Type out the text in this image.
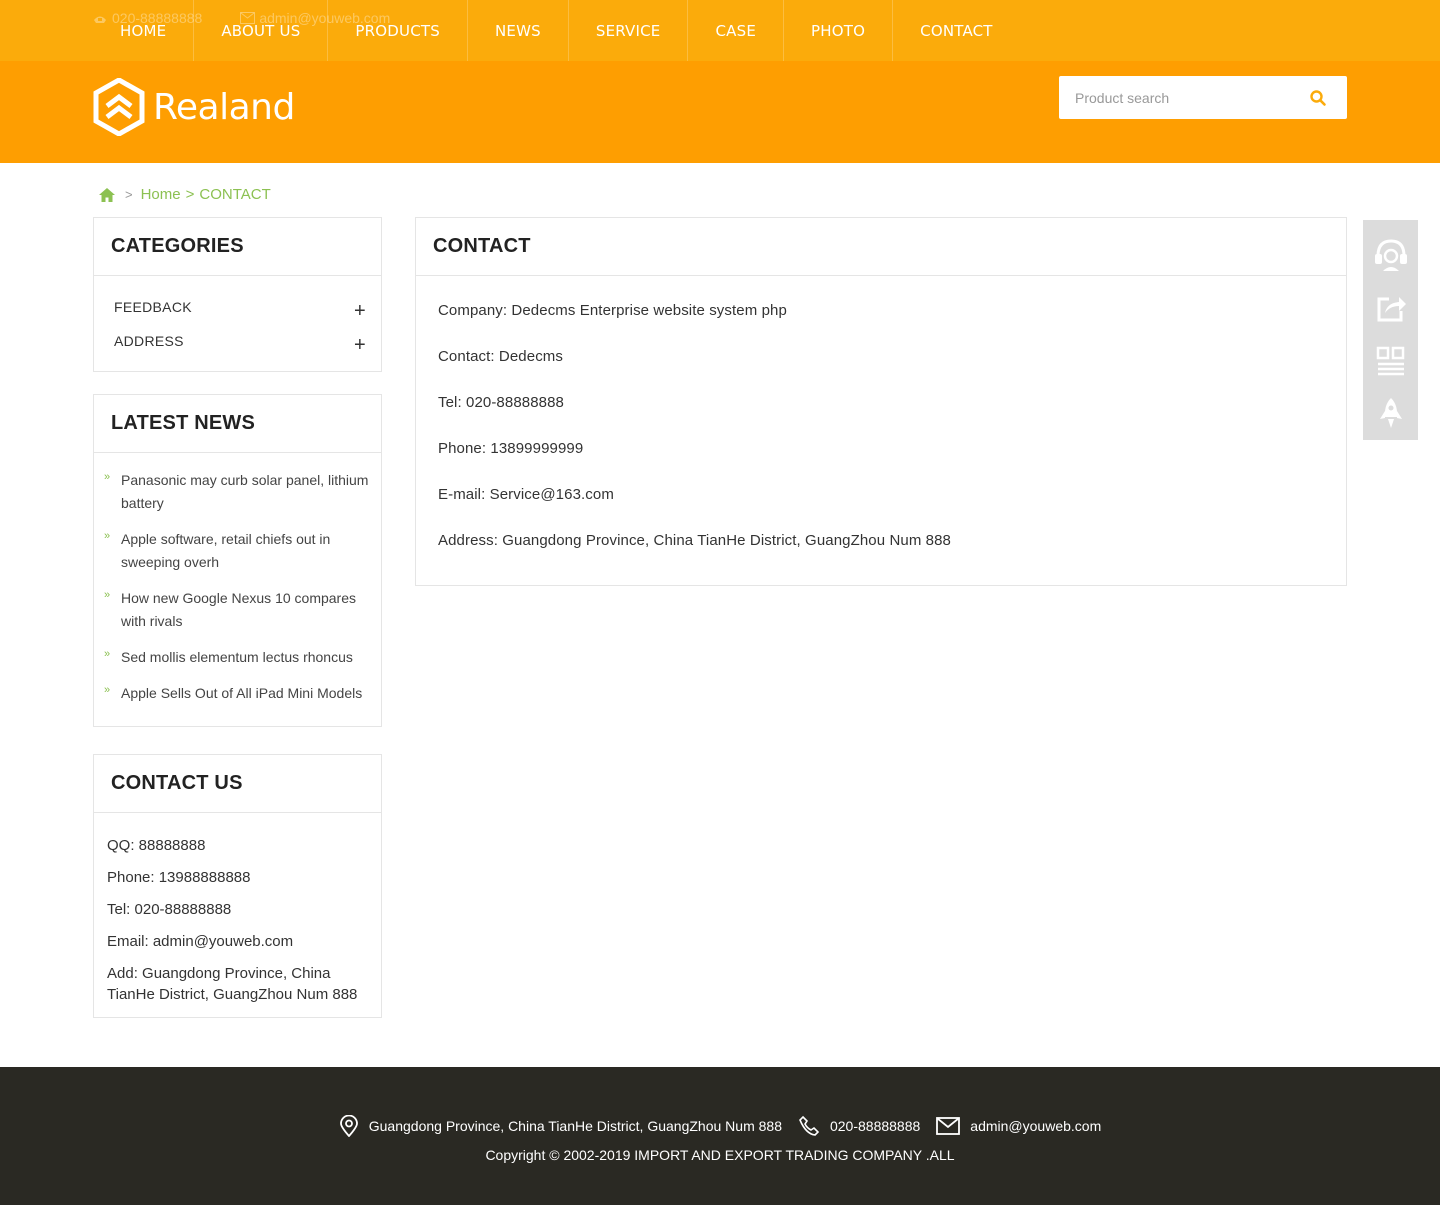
020-88888888	admin@youweb.com
HOME	ABOUT US	PRODUCTS	NEWS	SERVICE	CASE	PHOTO	CONTACT
Realand
Product search
> Home > CONTACT
CATEGORIES
FEEDBACK	+
ADDRESS	+
LATEST NEWS
» Panasonic may curb solar panel, lithium battery
» Apple software, retail chiefs out in sweeping overh
» How new Google Nexus 10 compares with rivals
» Sed mollis elementum lectus rhoncus
» Apple Sells Out of All iPad Mini Models
CONTACT US

QQ: 88888888

Phone: 13988888888

Tel: 020-88888888

Email: admin@youweb.com

Add: Guangdong Province, China TianHe District, GuangZhou Num 888

CONTACT

Company: Dedecms Enterprise website system php

Contact: Dedecms

Tel: 020-88888888

Phone: 13899999999

E-mail: Service@163.com

Address: Guangdong Province, China TianHe District, GuangZhou Num 888

Guangdong Province, China TianHe District, GuangZhou Num 888	020-88888888	admin@youweb.com
Copyright © 2002-2019 IMPORT AND EXPORT TRADING COMPANY .ALL
